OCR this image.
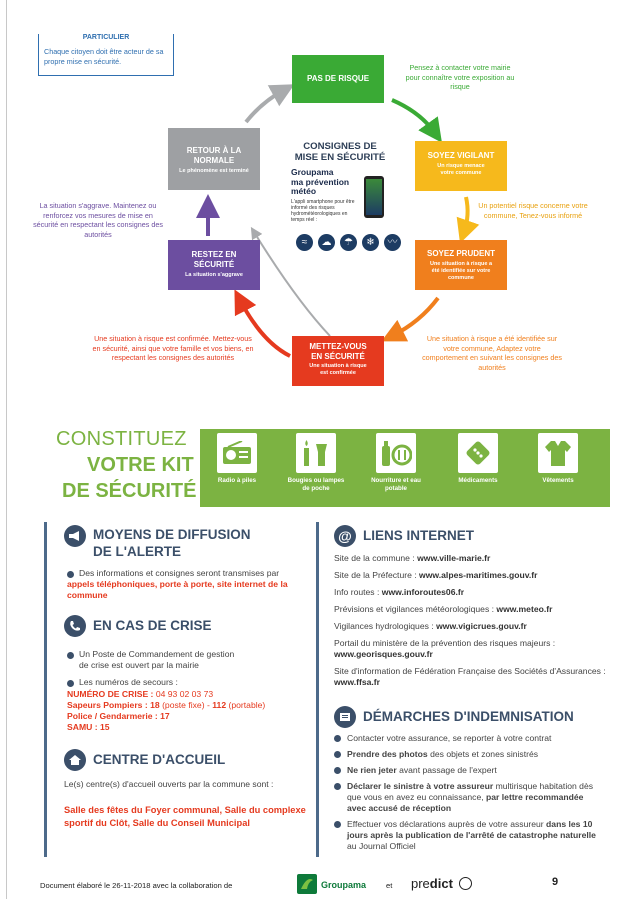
PARTICULIER
Chaque citoyen doit être acteur de sa propre mise en sécurité.
PAS DE RISQUE
SOYEZ VIGILANT
Un risque menace votre commune
SOYEZ PRUDENT
Une situation à risque a été identifiée sur votre commune
METTEZ-VOUS EN SÉCURITÉ
Une situation à risque est confirmée
RESTEZ EN SÉCURITÉ
La situation s'aggrave
RETOUR À LA NORMALE
Le phénomène est terminé
Pensez à contacter votre mairie pour connaître votre exposition au risque
Un potentiel risque concerne votre commune, Tenez-vous informé
Une situation à risque a été identifiée sur votre commune, Adaptez votre comportement en suivant les consignes des autorités
Une situation à risque est confirmée. Mettez-vous en sécurité, ainsi que votre famille et vos biens, en respectant les consignes des autorités
La situation s'aggrave. Maintenez ou renforcez vos mesures de mise en sécurité en respectant les consignes des autorités
CONSIGNES DE
MISE EN SÉCURITÉ
Groupama
ma prévention
météo
L'appli smartphone pour être informé des risques hydrométéorologiques en temps réel :
≈	☁	☂	❄	〰
CONSTITUEZ
VOTRE KIT
DE SÉCURITÉ	Radio à piles	Bougies ou lampes de poche
Nourriture et eau potable
Médicaments	Vêtements
MOYENS DE DIFFUSION
DE L'ALERTE
Des informations et consignes seront transmises par appels téléphoniques, porte à porte, site internet de la commune
EN CAS DE CRISE
Un Poste de Commandement de gestion
de crise est ouvert par la mairie
Les numéros de secours :
NUMÉRO DE CRISE : 04 93 02 03 73
Sapeurs Pompiers : 18 (poste fixe) - 112 (portable)
Police / Gendarmerie : 17
SAMU : 15
CENTRE D'ACCUEIL
Le(s) centre(s) d'accueil ouverts par la commune sont :
Salle des fêtes du Foyer communal, Salle du complexe sportif du Clôt, Salle du Conseil Municipal
@ LIENS INTERNET
Site de la commune : www.ville-marie.fr
Site de la Préfecture : www.alpes-maritimes.gouv.fr
Info routes : www.inforoutes06.fr
Prévisions et vigilances météorologiques : www.meteo.fr
Vigilances hydrologiques : www.vigicrues.gouv.fr
Portail du ministère de la prévention des risques majeurs : www.georisques.gouv.fr
Site d'information de Fédération Française des Sociétés d'Assurances : www.ffsa.fr
DÉMARCHES D'INDEMNISATION
Contacter votre assurance, se reporter à votre contrat
Prendre des photos des objets et zones sinistrés
Ne rien jeter avant passage de l'expert
Déclarer le sinistre à votre assureur multirisque habitation dès que vous en avez eu connaissance, par lettre recommandée avec accusé de réception
Effectuer vos déclarations auprès de votre assureur dans les 10 jours après la publication de l'arrêté de catastrophe naturelle au Journal Officiel
Document élaboré le 26-11-2018 avec la collaboration de	Groupama	et predict	9
